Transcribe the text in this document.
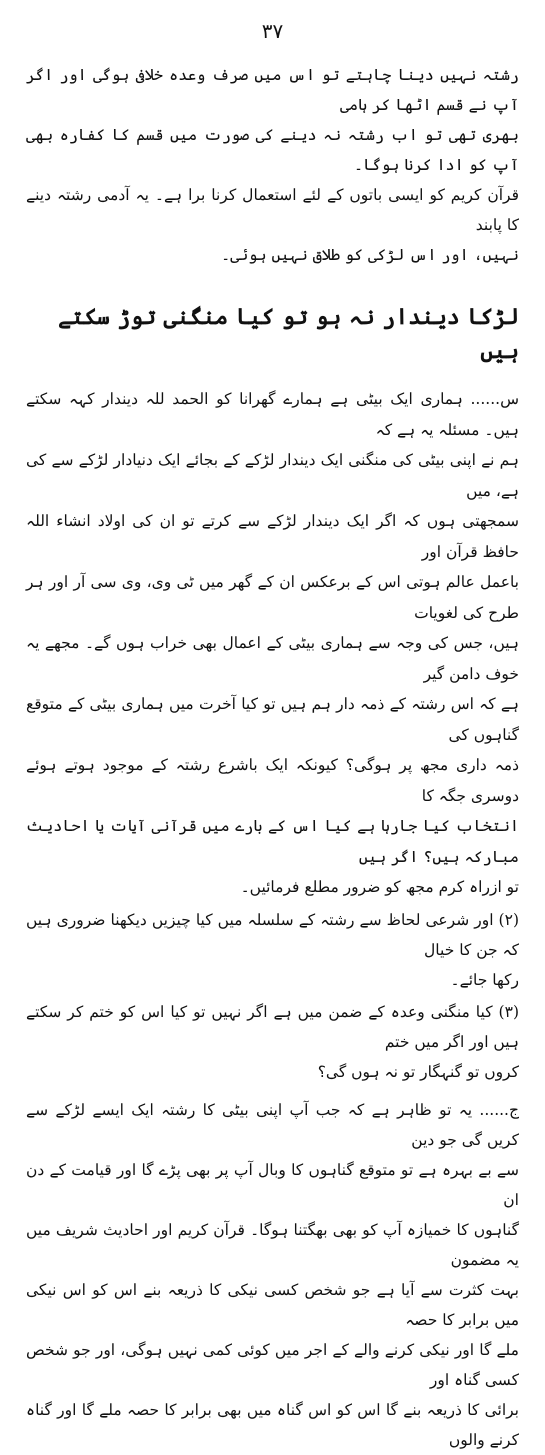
۳۷

رشتہ نہیں دینا چاہتے تو اس میں صرف وعدہ خلافی ہوگی اور اگر آپ نے قسم اٹھا کر ہامی
بھری تھی تو اب رشتہ نہ دینے کی صورت میں قسم کا کفارہ بھی آپ کو ادا کرنا ہوگا۔
قرآن کریم کو ایسی باتوں کے لئے استعمال کرنا برا ہے۔ یہ آدمی رشتہ دینے کا پابند
نہیں، اور اس لڑکی کو طلاق نہیں ہوئی۔

لڑکا دیندار نہ ہو تو کیا منگنی توڑ سکتے ہیں

س...... ہماری ایک بیٹی ہے ہمارے گھرانا کو الحمد للہ دیندار کہہ سکتے ہیں۔ مسئلہ یہ ہے کہ
ہم نے اپنی بیٹی کی منگنی ایک دیندار لڑکے کے بجائے ایک دنیادار لڑکے سے کی ہے، میں
سمجھتی ہوں کہ اگر ایک دیندار لڑکے سے کرتے تو ان کی اولاد انشاء اللہ حافظ قرآن اور
باعمل عالم ہوتی اس کے برعکس ان کے گھر میں ٹی وی، وی سی آر اور ہر طرح کی لغویات
ہیں، جس کی وجہ سے ہماری بیٹی کے اعمال بھی خراب ہوں گے۔ مجھے یہ خوف دامن گیر
ہے کہ اس رشتہ کے ذمہ دار ہم ہیں تو کیا آخرت میں ہماری بیٹی کے متوقع گناہوں کی
ذمہ داری مجھ پر ہوگی؟ کیونکہ ایک باشرع رشتہ کے موجود ہوتے ہوئے دوسری جگہ کا
انتخاب کیا جارہا ہے کیا اس کے بارے میں قرآنی آیات یا احادیث مبارکہ ہیں؟ اگر ہیں
تو ازراہ کرم مجھ کو ضرور مطلع فرمائیں۔

(۲) اور شرعی لحاظ سے رشتہ کے سلسلہ میں کیا چیزیں دیکھنا ضروری ہیں کہ جن کا خیال
رکھا جائے۔

(۳) کیا منگنی وعدہ کے ضمن میں ہے اگر نہیں تو کیا اس کو ختم کر سکتے ہیں اور اگر میں ختم
کروں تو گنہگار تو نہ ہوں گی؟

ج...... یہ تو ظاہر ہے کہ جب آپ اپنی بیٹی کا رشتہ ایک ایسے لڑکے سے کریں گی جو دین
سے بے بہرہ ہے تو متوقع گناہوں کا وبال آپ پر بھی پڑے گا اور قیامت کے دن ان
گناہوں کا خمیازہ آپ کو بھی بھگتنا ہوگا۔ قرآن کریم اور احادیث شریف میں یہ مضمون
بہت کثرت سے آیا ہے جو شخص کسی نیکی کا ذریعہ بنے اس کو اس نیکی میں برابر کا حصہ
ملے گا اور نیکی کرنے والے کے اجر میں کوئی کمی نہیں ہوگی، اور جو شخص کسی گناہ اور
برائی کا ذریعہ بنے گا اس کو اس گناہ میں بھی برابر کا حصہ ملے گا اور گناہ کرنے والوں
